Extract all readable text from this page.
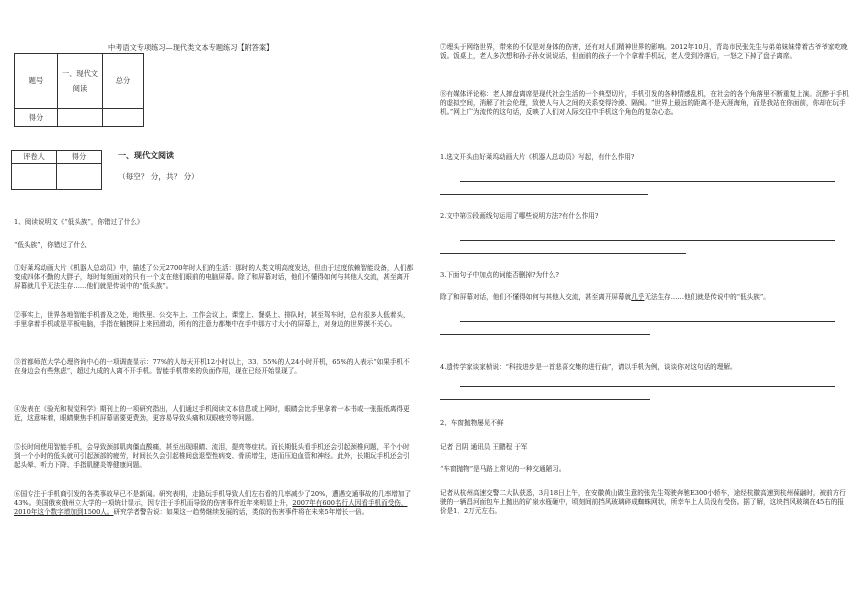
中考语文专项练习—现代类文本专题练习【附答案】
题号	一、现代文阅读	总分
得分		
评卷人	得分
		一、现代文阅读
（每空？ 分，共？ 分）
1、阅读说明文《“低头族”，你错过了什么》
“低头族”，你错过了什么
①好莱坞动画大片《机器人总动员》中，描述了公元2700年时人们的生活：那时的人类文明高度发达，但由于过度依赖智能设备，人们都变成四体不勤的大胖子，每时每刻面对的只有一个支在他们眼前的电脑屏幕。除了和屏幕对话，他们不懂得如何与其他人交流，甚至离开屏幕就几乎无法生存……他们就是传说中的“低头族”。
②事实上，世界各地智能手机普及之处，地铁里、公交车上、工作会议上、课堂上、餐桌上、排队时，甚至驾车时，总有很多人低着头，手里拿着手机或是平板电脑，手指在触摸屏上来回滑动，所有的注意力都集中在手中那方寸大小的屏幕上，对身边的世界漠不关心。
③首都师范大学心理咨询中心的一项调查显示：77%的人每天开机12小时以上，33．55%的人24小时开机，65%的人表示“如果手机不在身边会有些焦虑”，超过九成的人离不开手机。智能手机带来的负面作用，现在已经开始显现了。
④发表在《验光和视觉科学》期刊上的一项研究指出，人们通过手机阅读文本信息或上网时，眼睛会比手里拿着一本书或一张报纸离得更近，这意味着，眼睛聚焦手机屏幕需要更费劲，更容易导致头痛和双眼疲劳等问题。
⑤长时间使用智能手机，会导致颈部肌肉僵直酸痛，甚至出现眼睛、流泪，提亮等症状。而长期低头看手机还会引起颈椎问题，平个小时到一个小时的低头就可引起颈部的疲劳，时间长久会引起椎间盘退型性病变、骨质增生，进而压迫血管和神经。此外，长期玩手机还会引起头晕、听力下降、手指肌腱炎等健康问题。
⑥国专注于手机商引发的各类事故早已不是新闻。研究表明，走路玩手机导致人们左右看的几率减少了20%，遭遇交通事故的几率增加了43%。美国俄亥俄州立大学的一项统计显示，因专注于手机而导致的伤害事件近年来明显上升，2007年有600名行人因看手机而受伤，2010年这个数字增加到1500人。研究学者警告说：如果这一趋势继续发展的话，类似的伤害事件将在未来5年增长一倍。
⑦埋头于网络世界，带来的不仅是对身体的伤害，还有对人们精神世界的影响。2012年10月，青岛市民张先生与弟弟妹妹带着古爷爷家吃晚饭。饭桌上，老人多次想和孙子孙女说说话，但面前的孩子一个个拿着手机玩，老人受到冷落后，一怒之下掉了盘子离席。
⑧有媒体评论称：老人摔盘离席是现代社会生活的一个典型切片，手机引发的各种情感乱机，在社会的各个角落里不断重复上演。沉醉于手机的虚拟空间，消解了社会伦理，致使人与人之间的关系变得冷漠、隔阂。“世界上最远的距离不是天涯海角，而是我站在你面前，你却在玩手机。”网上广为流传的这句话，反映了人们对人际交往中手机这个角色的复杂心态。
1.选文开头由好莱坞动画大片《机器人总动员》写起，有什么作用?
2.文中第⑤段画线句运用了哪些说明方法?有什么作用?
3.下面句子中加点的词能否删掉?为什么?
除了和屏幕对话，他们不懂得如何与其他人交流，甚至离开屏幕就几乎无法生存……他们就是传说中的“低头族”。
4.遗传学家谈家桢说：“科技进步是一首悲喜交集的进行曲”，请以手机为例，谈谈你对这句话的理解。
2、车窗抛物屡见不鲜
记者 吕阴 通讯员 王鹏程 于军
“车窗抛物”是马路上常见的一种交通陋习。
记者从杭州高速交警二大队获悉，3月18日上午，在安徽黄山做生意的张先生驾驶奔驰E300小轿车，途经杭徽高速到杭州葆翮时，被前方行驶的一辆昌河面包车上抛出的矿泉水瓶砸中，顷刻间前挡风玻璃碎成蜘蛛网状，所幸车上人员没有受伤。据了解，这块挡风玻璃在45右的报价是1．2万元左右。
